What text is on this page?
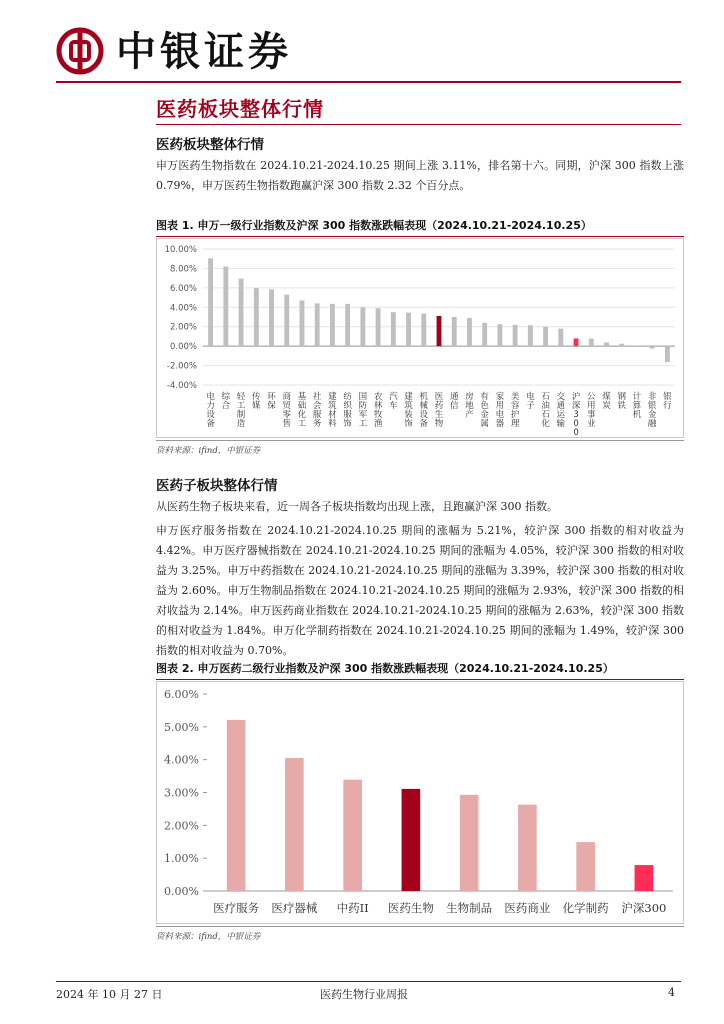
中银证券
医药板块整体行情
医药板块整体行情

申万医药生物指数在 2024.10.21-2024.10.25 期间上涨 3.11%，排名第十六。同期，沪深 300 指数上涨 0.79%，申万医药生物指数跑赢沪深 300 指数 2.32 个百分点。

图表 1. 申万一级行业指数及沪深 300 指数涨跌幅表现（2024.10.21-2024.10.25）
10.00%
8.00%
6.00%
4.00%
2.00%
0.00%
-2.00%
-4.00%
电
力
设
备
综
合
轻
工
制
造
传
媒
环
保
商
贸
零
售
基
础
化
工
社
会
服
务
建
筑
材
料
纺
织
服
饰
国
防
军
工
农
林
牧
渔
汽
车
建
筑
装
饰
机
械
设
备
医
药
生
物
通
信
房
地
产
有
色
金
属
家
用
电
器
美
容
护
理
电
子
石
油
石
化
交
通
运
输
沪
深
3
0
0
公
用
事
业
煤
炭
钢
铁
计
算
机
非
银
金
融
银
行
资料来源：ifind，中银证券
医药子板块整体行情

从医药生物子板块来看，近一周各子板块指数均出现上涨，且跑赢沪深 300 指数。

申万医疗服务指数在 2024.10.21-2024.10.25 期间的涨幅为 5.21%，较沪深 300 指数的相对收益为 4.42%。申万医疗器械指数在 2024.10.21-2024.10.25 期间的涨幅为 4.05%，较沪深 300 指数的相对收益为 3.25%。申万中药指数在 2024.10.21-2024.10.25 期间的涨幅为 3.39%，较沪深 300 指数的相对收益为 2.60%。申万生物制品指数在 2024.10.21-2024.10.25 期间的涨幅为 2.93%，较沪深 300 指数的相对收益为 2.14%。申万医药商业指数在 2024.10.21-2024.10.25 期间的涨幅为 2.63%，较沪深 300 指数的相对收益为 1.84%。申万化学制药指数在 2024.10.21-2024.10.25 期间的涨幅为 1.49%，较沪深 300 指数的相对收益为 0.70%。

图表 2. 申万医药二级行业指数及沪深 300 指数涨跌幅表现（2024.10.21-2024.10.25）
6.00%
5.00%
4.00%
3.00%
2.00%
1.00%
0.00%
医疗服务 医疗器械 中药II 医药生物 生物制品 医药商业 化学制药 沪深300
资料来源：ifind，中银证券
2024 年 10 月 27 日	医药生物行业周报	4
